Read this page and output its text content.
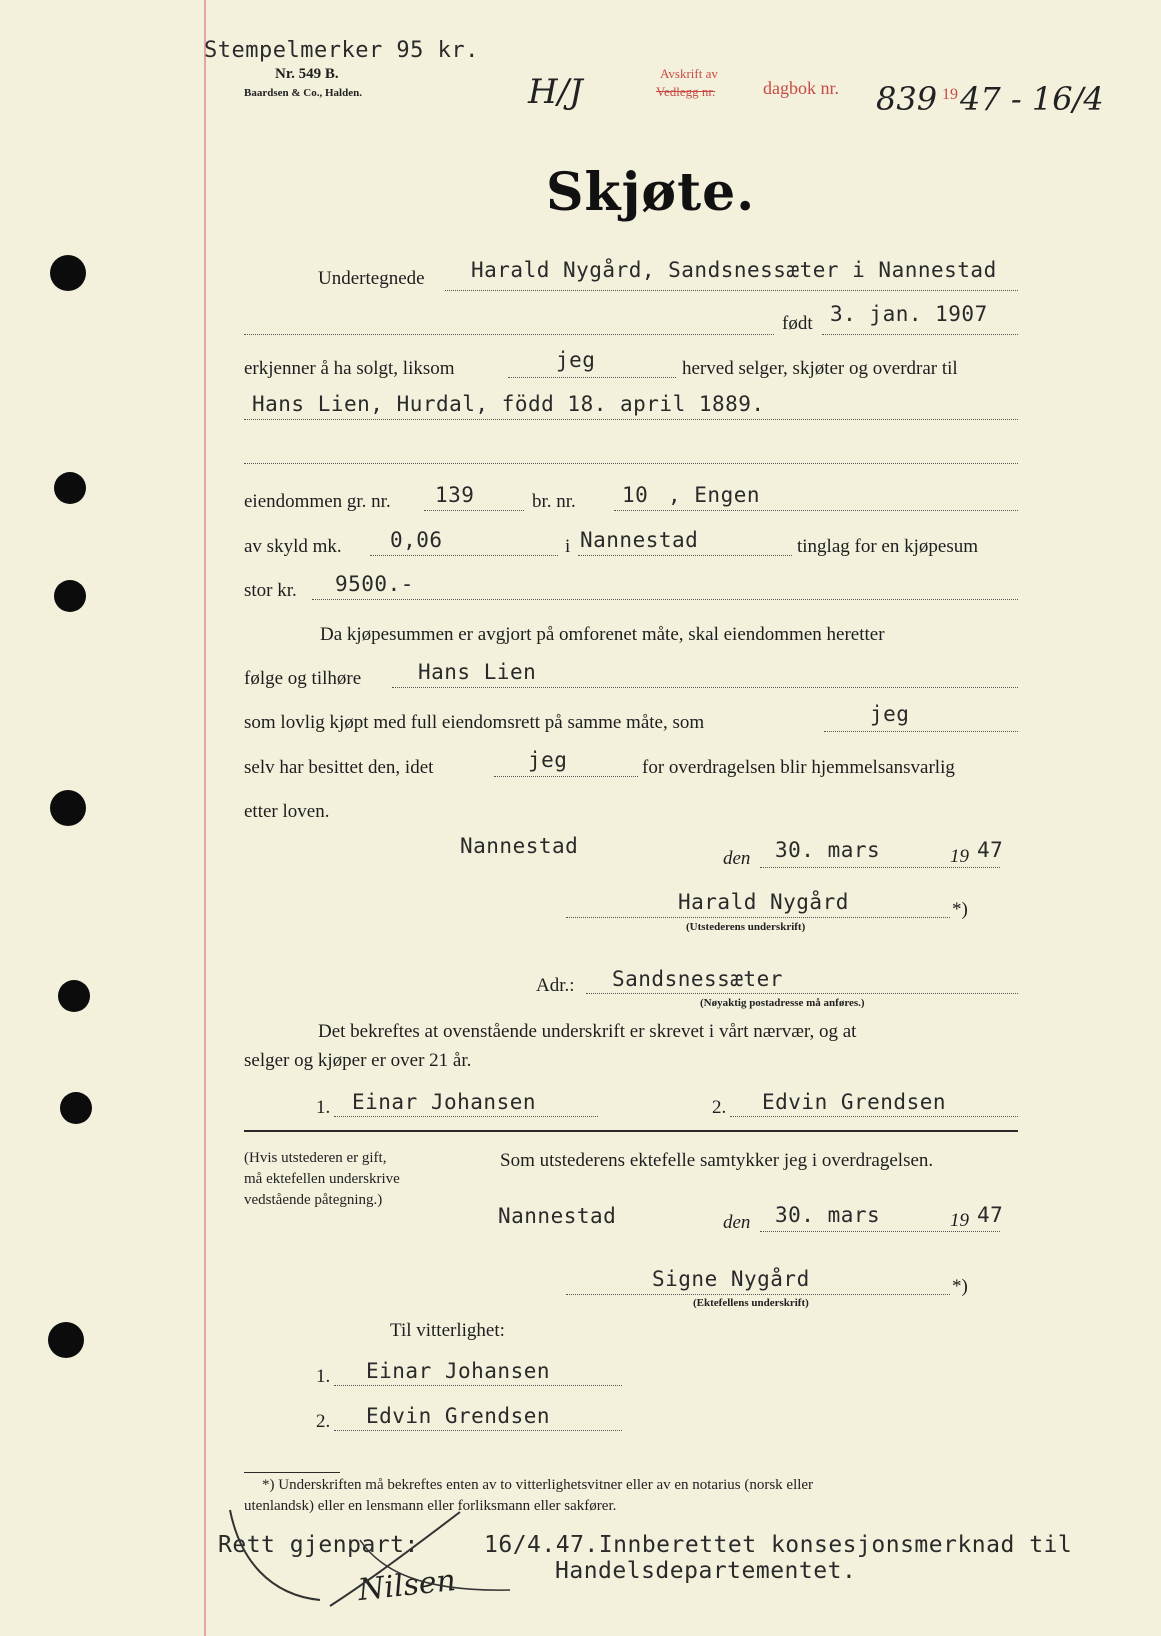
Stempelmerker 95 kr.
Nr. 549 B.
Baardsen & Co., Halden.	H/J	Avskrift av
Vedlegg nr.	dagbok nr. 839 19 47 - 16/4
Skjøte.
Undertegnede Harald Nygård, Sandsnessæter i Nannestad
født 3. jan. 1907
erkjenner å ha solgt, liksom	jeg	herved selger, skjøter og overdrar til
Hans Lien, Hurdal, född 18. april 1889.
eiendommen gr. nr. 139	br. nr. 10 , Engen
av skyld mk. 0,06	i Nannestad	tinglag for en kjøpesum
stor kr. 9500.-
Da kjøpesummen er avgjort på omforenet måte, skal eiendommen heretter
følge og tilhøre	Hans Lien
som lovlig kjøpt med full eiendomsrett på samme måte, som	jeg
selv har besittet den, idet	jeg	for overdragelsen blir hjemmelsansvarlig
etter loven.
Nannestad
den 30. mars	19 47
Harald Nygård	*)
(Utstederens underskrift)
Adr.: Sandsnessæter
(Nøyaktig postadresse må anføres.)
Det bekreftes at ovenstående underskrift er skrevet i vårt nærvær, og at
selger og kjøper er over 21 år.
1. Einar Johansen	2. Edvin Grendsen
(Hvis utstederen er gift,
må ektefellen underskrive
vedstående påtegning.)
Som utstederens ektefelle samtykker jeg i overdragelsen.
Nannestad	den 30. mars	19 47
Signe Nygård	*)
(Ektefellens underskrift)
Til vitterlighet:
1. Einar Johansen
2. Edvin Grendsen
*) Underskriften må bekreftes enten av to vitterlighetsvitner eller av en notarius (norsk eller
utenlandsk) eller en lensmann eller forliksmann eller sakfører.
Rett gjenpart:	16/4.47.Innberettet konsesjonsmerknad til
Handelsdepartementet.
Nilsen
